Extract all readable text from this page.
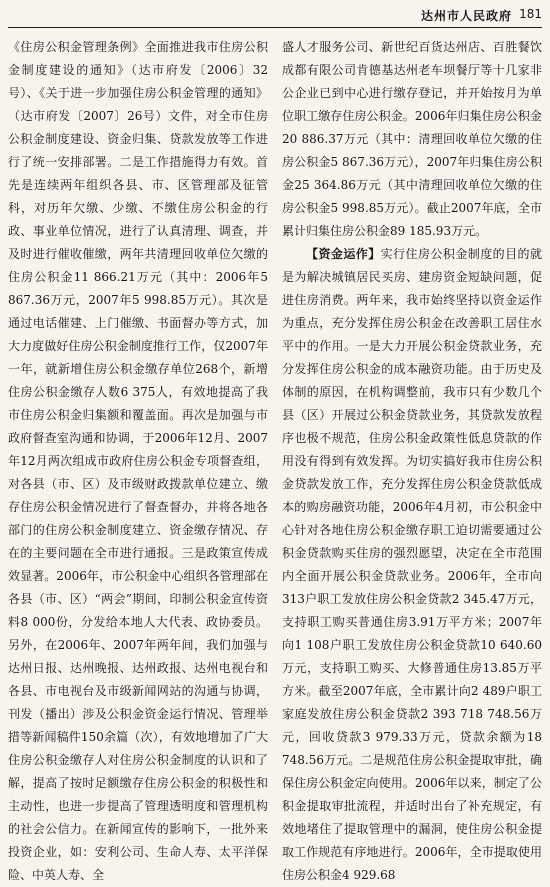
达州市人民政府 181

《住房公积金管理条例》全面推进我市住房公积金制度建设的通知》（达市府发〔2006〕32号）、《关于进一步加强住房公积金管理的通知》（达市府发〔2007〕26号）文件，对全市住房公积金制度建设、资金归集、贷款发放等工作进行了统一安排部署。二是工作措施得力有效。首先是连续两年组织各县、市、区管理部及征管科，对历年欠缴、少缴、不缴住房公积金的行政、事业单位情况，进行了认真清理、调查，并及时进行催收催缴，两年共清理回收单位欠缴的住房公积金11 866.21万元（其中：2006年5 867.36万元，2007年5 998.85万元）。其次是通过电话催建、上门催缴、书面督办等方式，加大力度做好住房公积金制度推行工作，仅2007年一年，就新增住房公积金缴存单位268个，新增住房公积金缴存人数6 375人，有效地提高了我市住房公积金归集额和覆盖面。再次是加强与市政府督查室沟通和协调，于2006年12月、2007年12月两次组成市政府住房公积金专项督查组，对各县（市、区）及市级财政拨款单位建立、缴存住房公积金情况进行了督查督办，并将各地各部门的住房公积金制度建立、资金缴存情况、存在的主要问题在全市进行通报。三是政策宣传成效显著。2006年，市公积金中心组织各管理部在各县（市、区）“两会”期间，印制公积金宣传资料8 000份，分发给本地人大代表、政协委员。另外，在2006年、2007年两年间，我们加强与达州日报、达州晚报、达州政报、达州电视台和各县、市电视台及市级新闻网站的沟通与协调，刊发（播出）涉及公积金资金运行情况、管理举措等新闻稿件150余篇（次），有效地增加了广大住房公积金缴存人对住房公积金制度的认识和了解，提高了按时足额缴存住房公积金的积极性和主动性，也进一步提高了管理透明度和管理机构的社会公信力。在新闻宣传的影响下，一批外来投资企业，如：安利公司、生命人寿、太平洋保险、中英人寿、全

盛人才服务公司、新世纪百货达州店、百胜餐饮成都有限公司肯德基达州老车坝餐厅等十几家非公企业已到中心进行缴存登记，并开始按月为单位职工缴存住房公积金。2006年归集住房公积金20 886.37万元（其中：清理回收单位欠缴的住房公积金5 867.36万元），2007年归集住房公积金25 364.86万元（其中清理回收单位欠缴的住房公积金5 998.85万元）。截止2007年底，全市累计归集住房公积金89 185.93万元。

【资金运作】实行住房公积金制度的目的就是为解决城镇居民买房、建房资金短缺问题，促进住房消费。两年来，我市始终坚持以资金运作为重点，充分发挥住房公积金在改善职工居住水平中的作用。一是大力开展公积金贷款业务，充分发挥住房公积金的成本融资功能。由于历史及体制的原因，在机构调整前，我市只有少数几个县（区）开展过公积金贷款业务，其贷款发放程序也极不规范，住房公积金政策性低息贷款的作用没有得到有效发挥。为切实搞好我市住房公积金贷款发放工作，充分发挥住房公积金贷款低成本的购房融资功能，2006年4月初，市公积金中心针对各地住房公积金缴存职工迫切需要通过公积金贷款购买住房的强烈愿望，决定在全市范围内全面开展公积金贷款业务。2006年，全市向313户职工发放住房公积金贷款2 345.47万元，支持职工购买普通住房3.91万平方米；2007年向1 108户职工发放住房公积金贷款10 640.60万元，支持职工购买、大修普通住房13.85万平方米。截至2007年底，全市累计向2 489户职工家庭发放住房公积金贷款2 393 718 748.56万元，回收贷款3 979.33万元，贷款余额为18 748.56万元。二是规范住房公积金提取审批，确保住房公积金定向使用。2006年以来，制定了公积金提取审批流程，并适时出台了补充规定，有效地堵住了提取管理中的漏洞，使住房公积金提取工作规范有序地进行。2006年，全市提取使用住房公积金4 929.68
